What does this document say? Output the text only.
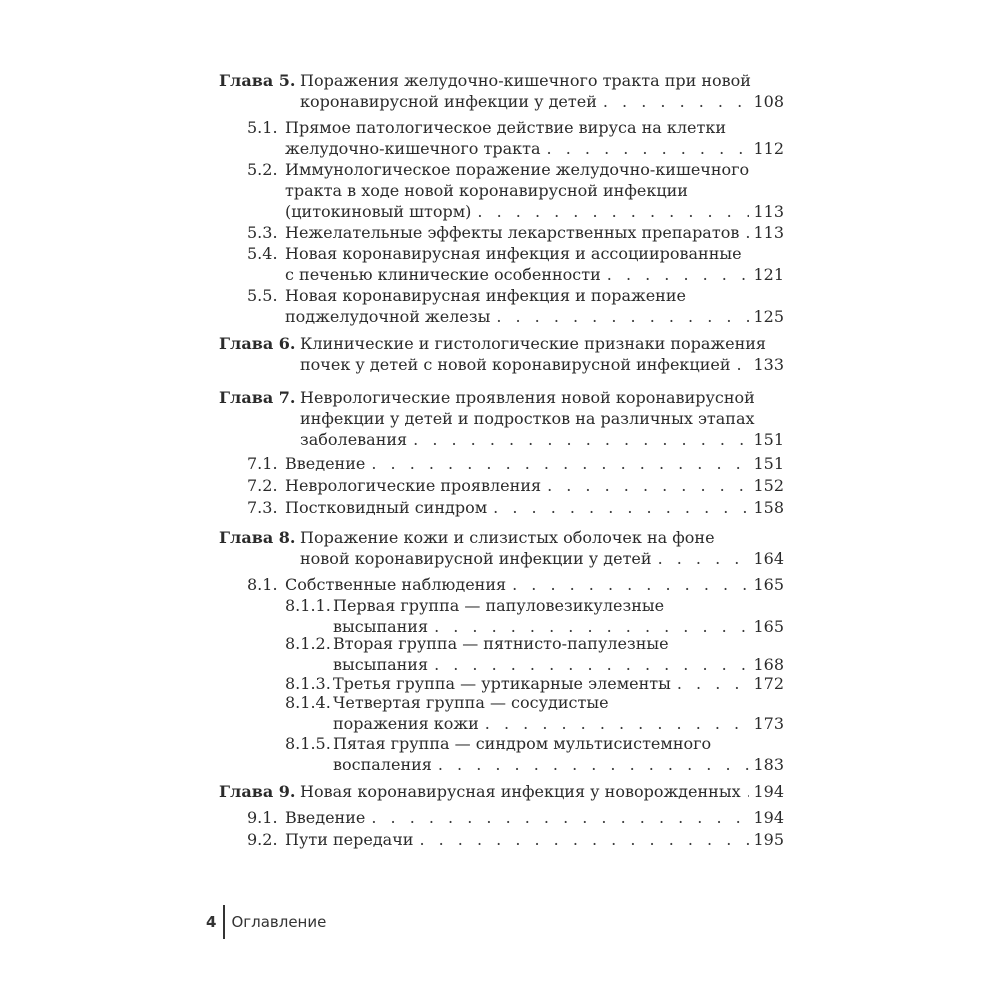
Глава 5. Поражения желудочно-кишечного тракта при новой
коронавирусной инфекции у детей . . .	108
5.1. Прямое патологическое действие вируса на клетки
желудочно-кишечного тракта . . .	112
5.2. Иммунологическое поражение желудочно-кишечного
тракта в ходе новой коронавирусной инфекции
(цитокиновый шторм) . . .	113
5.3. Нежелательные эффекты лекарственных препаратов . . . 113
5.4. Новая коронавирусная инфекция и ассоциированные
с печенью клинические особенности . . .	121
5.5. Новая коронавирусная инфекция и поражение
поджелудочной железы . . .	125
Глава 6. Клинические и гистологические признаки поражения
почек у детей с новой коронавирусной инфекцией . . .	133
Глава 7. Неврологические проявления новой коронавирусной
инфекции у детей и подростков на различных этапах
заболевания . . .	151
7.1. Введение . . .	151
7.2. Неврологические проявления . . .	152
7.3. Постковидный синдром . . .	158
Глава 8. Поражение кожи и слизистых оболочек на фоне
новой коронавирусной инфекции у детей . . .	164
8.1. Собственные наблюдения . . .	165
8.1.1. Первая группа — папуловезикулезные
высыпания . . .	165
8.1.2. Вторая группа — пятнисто-папулезные
высыпания . . .	168
8.1.3. Третья группа — уртикарные элементы . . .	172
8.1.4. Четвертая группа — сосудистые
поражения кожи . . .	173
8.1.5. Пятая группа — синдром мультисистемного
воспаления . . .	183
Глава 9. Новая коронавирусная инфекция у новорожденных . . . 194
9.1. Введение . . .	194
9.2. Пути передачи . . .	195
4	Оглавление
